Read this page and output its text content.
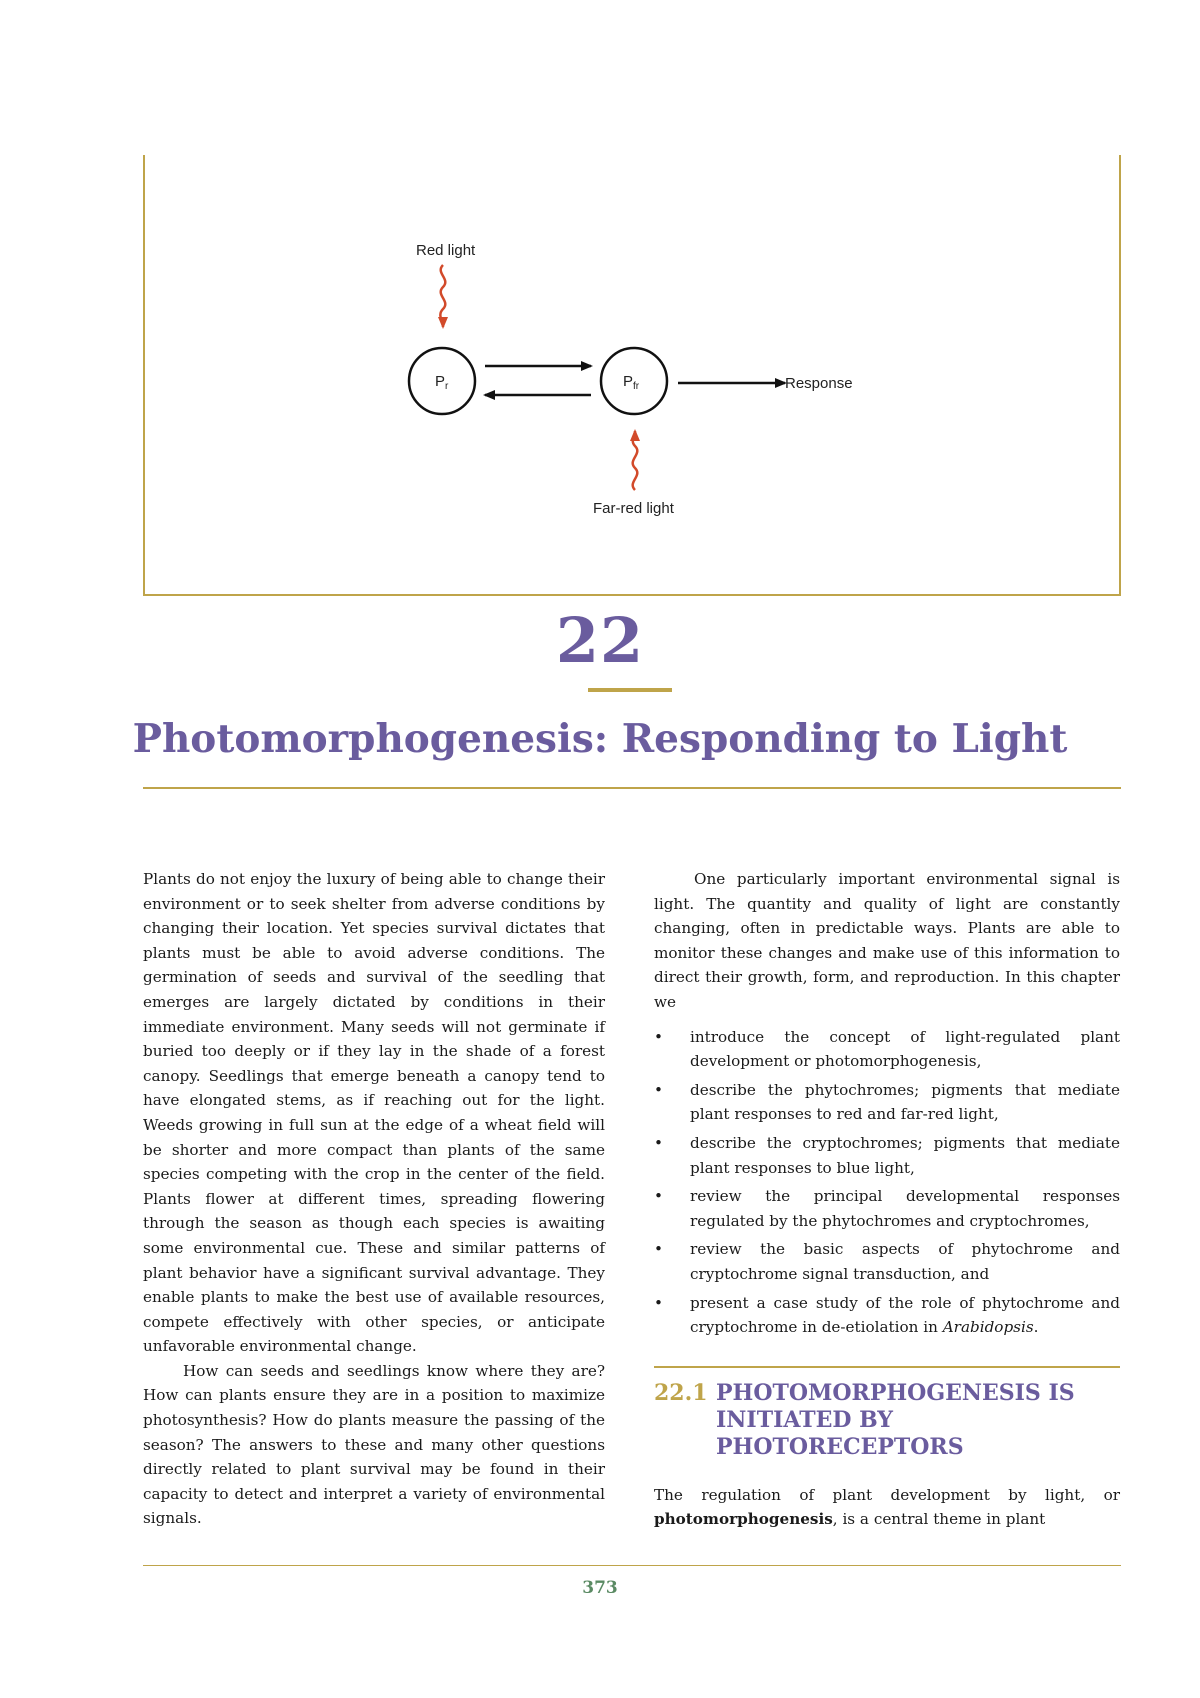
Red light
$P_r$	$P_{fr}$	Response
Far-red light
22
Photomorphogenesis: Responding to Light

Plants do not enjoy the luxury of being able to change their environment or to seek shelter from adverse conditions by changing their location. Yet species survival dictates that plants must be able to avoid adverse conditions. The germination of seeds and survival of the seedling that emerges are largely dictated by conditions in their immediate environment. Many seeds will not germinate if buried too deeply or if they lay in the shade of a forest canopy. Seedlings that emerge beneath a canopy tend to have elongated stems, as if reaching out for the light. Weeds growing in full sun at the edge of a wheat field will be shorter and more compact than plants of the same species competing with the crop in the center of the field. Plants flower at different times, spreading flowering through the season as though each species is awaiting some environmental cue. These and similar patterns of plant behavior have a significant survival advantage. They enable plants to make the best use of available resources, compete effectively with other species, or anticipate unfavorable environmental change.

How can seeds and seedlings know where they are? How can plants ensure they are in a position to maximize photosynthesis? How do plants measure the passing of the season? The answers to these and many other questions directly related to plant survival may be found in their capacity to detect and interpret a variety of environmental signals.

One particularly important environmental signal is light. The quantity and quality of light are constantly changing, often in predictable ways. Plants are able to monitor these changes and make use of this information to direct their growth, form, and reproduction. In this chapter we

• introduce the concept of light-regulated plant development or photomorphogenesis,
• describe the phytochromes; pigments that mediate plant responses to red and far-red light,
• describe the cryptochromes; pigments that mediate plant responses to blue light,
• review the principal developmental responses regulated by the phytochromes and cryptochromes,
• review the basic aspects of phytochrome and cryptochrome signal transduction, and
• present a case study of the role of phytochrome and cryptochrome in de-etiolation in Arabidopsis.
22.1 PHOTOMORPHOGENESIS IS INITIATED BY PHOTORECEPTORS

The regulation of plant development by light, or photomorphogenesis, is a central theme in plant

373
